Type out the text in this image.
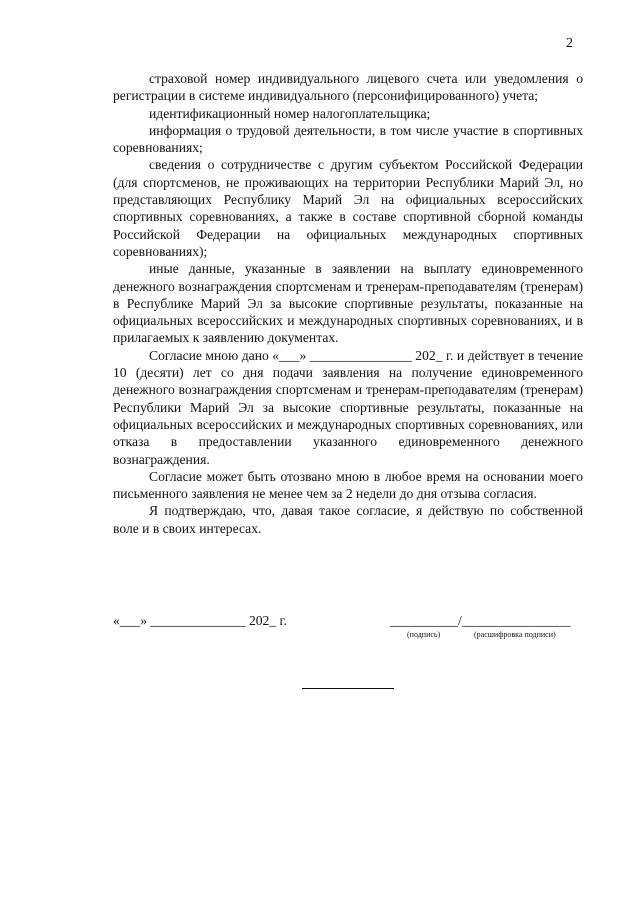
2

страховой номер индивидуального лицевого счета или уведомления о регистрации в системе индивидуального (персонифицированного) учета;

идентификационный номер налогоплательщика;

информация о трудовой деятельности, в том числе участие в спортивных соревнованиях;

сведения о сотрудничестве с другим субъектом Российской Федерации (для спортсменов, не проживающих на территории Республики Марий Эл, но представляющих Республику Марий Эл на официальных всероссийских спортивных соревнованиях, а также в составе спортивной сборной команды Российской Федерации на официальных международных спортивных соревнованиях);

иные данные, указанные в заявлении на выплату единовременного денежного вознаграждения спортсменам и тренерам-преподавателям (тренерам) в Республике Марий Эл за высокие спортивные результаты, показанные на официальных всероссийских и международных спортивных соревнованиях, и в прилагаемых к заявлению документах.

Согласие мною дано «___» _______________ 202_ г. и действует в течение 10 (десяти) лет со дня подачи заявления на получение единовременного денежного вознаграждения спортсменам и тренерам-преподавателям (тренерам) Республики Марий Эл за высокие спортивные результаты, показанные на официальных всероссийских и международных спортивных соревнованиях, или отказа в предоставлении указанного единовременного денежного вознаграждения.

Согласие может быть отозвано мною в любое время на основании моего письменного заявления не менее чем за 2 недели до дня отзыва согласия.

Я подтверждаю, что, давая такое согласие, я действую по собственной воле и в своих интересах.

«___» ______________ 202_ г.	__________/________________
(подпись)	(расшифровка подписи)
